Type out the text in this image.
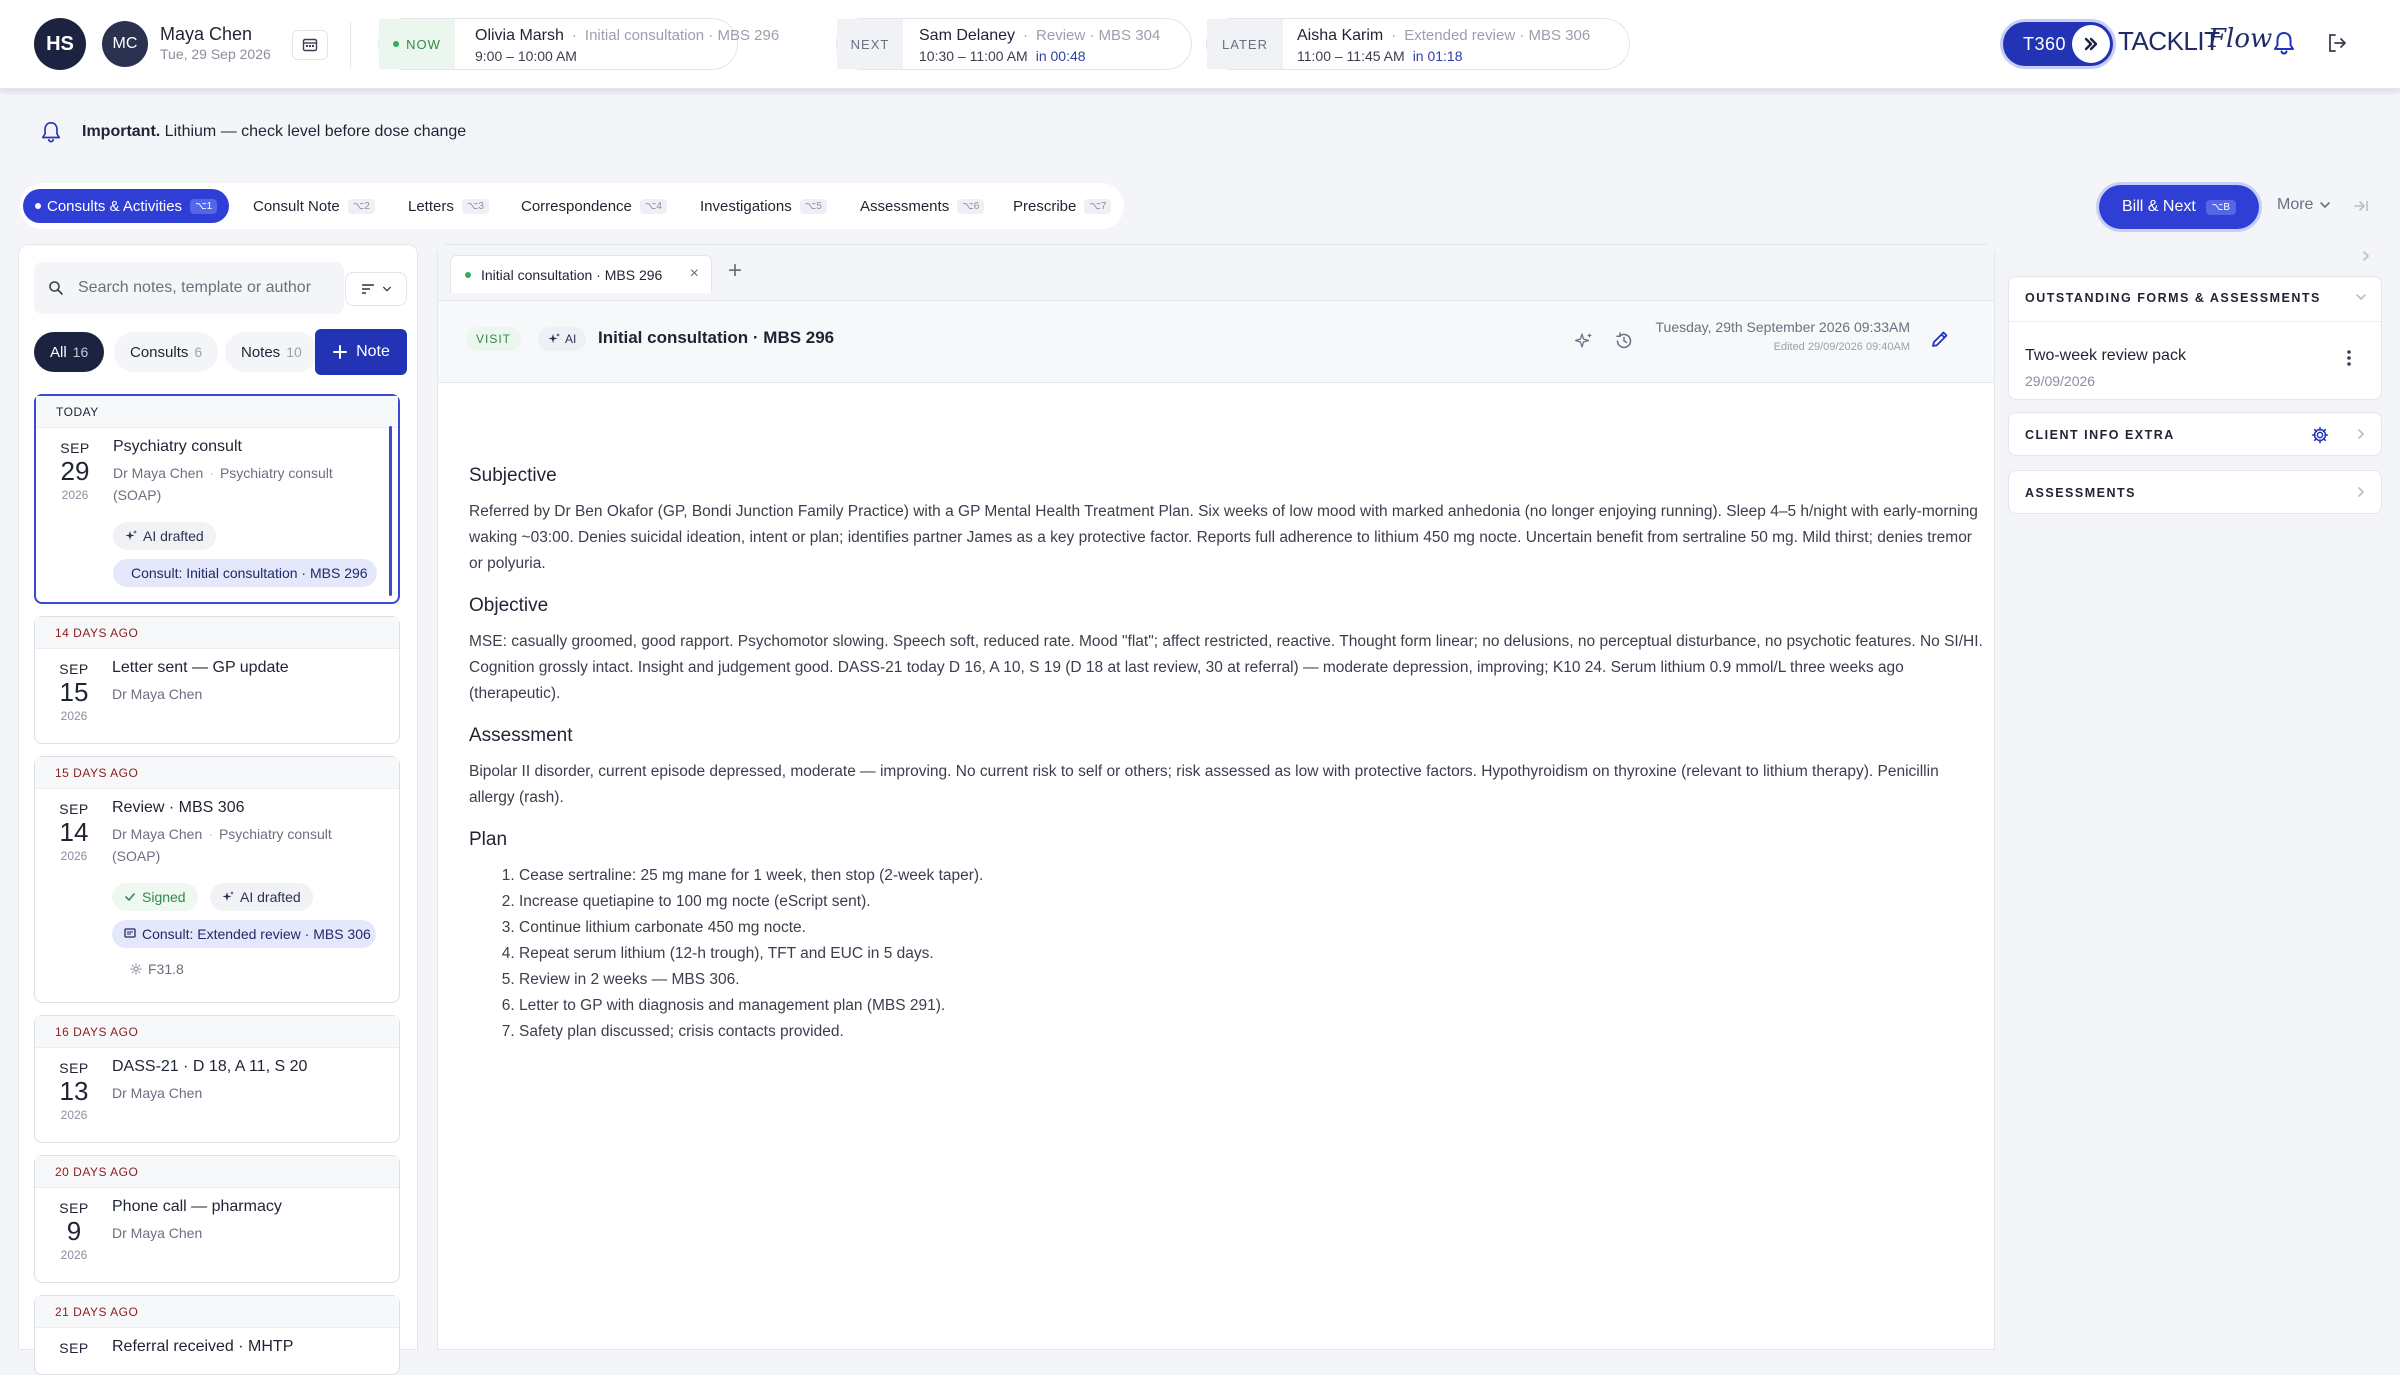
HS	MC	Maya Chen
Tue, 29 Sep 2026
NOW Olivia Marsh · Initial consultation · MBS 296
9:00 – 10:00 AM
NEXT	Sam Delaney · Review · MBS 304
10:30 – 11:00 AM in 00:48
LATER	Aisha Karim · Extended review · MBS 306
11:00 – 11:45 AM in 01:18
T360 TACKLIT
Flow
Important. Lithium — check level before dose change
Consults & Activities	⌥1	Consult Note	⌥2	Letters	⌥3	Correspondence	⌥4	Investigations	⌥5	Assessments	⌥6	Prescribe	⌥7	Bill & Next	⌥B	More
Search notes, template or author
All 16	Consults 6	Notes 10	Note
TODAY
SEP
29
2026
Psychiatry consult
Dr Maya Chen · Psychiatry consult
(SOAP)
AI drafted
Consult: Initial consultation · MBS 296
14 DAYS AGO
SEP
15
2026
Letter sent — GP update
Dr Maya Chen
15 DAYS AGO
SEP
14
2026
Review · MBS 306
Dr Maya Chen · Psychiatry consult
(SOAP)
Signed	AI drafted
Consult: Extended review · MBS 306
F31.8
16 DAYS AGO
SEP
13
2026
DASS-21 · D 18, A 11, S 20
Dr Maya Chen
20 DAYS AGO
SEP
9
2026
Phone call — pharmacy
Dr Maya Chen
21 DAYS AGO
SEP	Referral received · MHTP
Initial consultation · MBS 296 × +
VISIT	AI Initial consultation · MBS 296
Tuesday, 29th September 2026 09:33AM
Edited 29/09/2026 09:40AM
Subjective

Referred by Dr Ben Okafor (GP, Bondi Junction Family Practice) with a GP Mental Health Treatment Plan. Six weeks of low mood with marked anhedonia (no longer enjoying running). Sleep 4–5 h/night with early-morning waking ~03:00. Denies suicidal ideation, intent or plan; identifies partner James as a key protective factor. Reports full adherence to lithium 450 mg nocte. Uncertain benefit from sertraline 50 mg. Mild thirst; denies tremor or polyuria.

Objective

MSE: casually groomed, good rapport. Psychomotor slowing. Speech soft, reduced rate. Mood "flat"; affect restricted, reactive. Thought form linear; no delusions, no perceptual disturbance, no psychotic features. No SI/HI. Cognition grossly intact. Insight and judgement good. DASS-21 today D 16, A 10, S 19 (D 18 at last review, 30 at referral) — moderate depression, improving; K10 24. Serum lithium 0.9 mmol/L three weeks ago (therapeutic).

Assessment

Bipolar II disorder, current episode depressed, moderate — improving. No current risk to self or others; risk assessed as low with protective factors. Hypothyroidism on thyroxine (relevant to lithium therapy). Penicillin allergy (rash).

Plan
1. Cease sertraline: 25 mg mane for 1 week, then stop (2-week taper).
2. Increase quetiapine to 100 mg nocte (eScript sent).
3. Continue lithium carbonate 450 mg nocte.
4. Repeat serum lithium (12-h trough), TFT and EUC in 5 days.
5. Review in 2 weeks — MBS 306.
6. Letter to GP with diagnosis and management plan (MBS 291).
7. Safety plan discussed; crisis contacts provided.
OUTSTANDING FORMS & ASSESSMENTS
Two-week review pack
29/09/2026
CLIENT INFO EXTRA
ASSESSMENTS
